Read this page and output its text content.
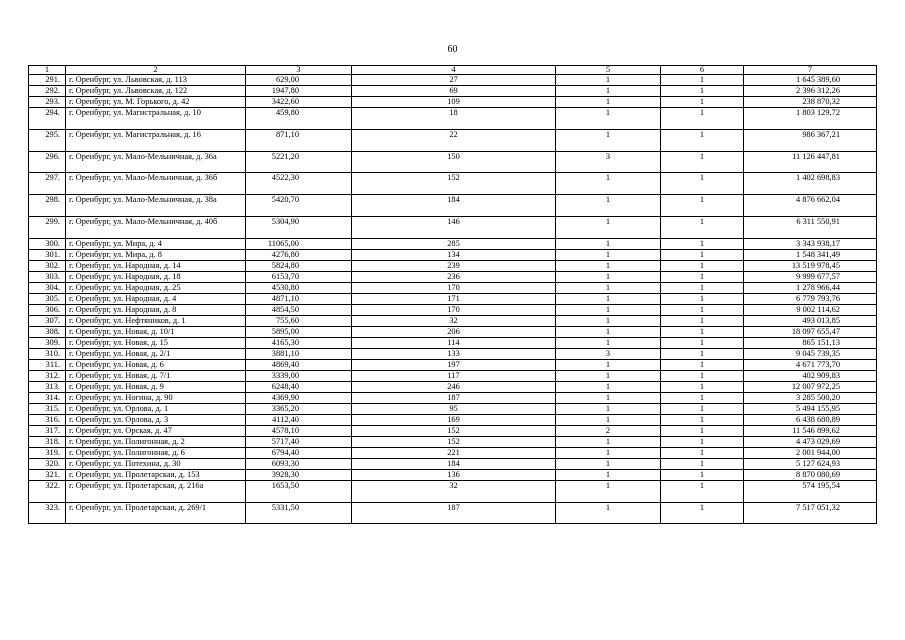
60
1	2	3	4	5	6	7
291.	г. Оренбург, ул. Львовская, д. 113	629,00	27	1	1	1 645 389,60
292.	г. Оренбург, ул. Львовская, д. 122	1947,80	69	1	1	2 396 312,26
293.	г. Оренбург, ул. М. Горького, д. 42	3422,60	109	1	1	238 870,32
294.	г. Оренбург, ул. Магистральная, д. 10	459,80	18	1	1	1 803 129,72
295.	г. Оренбург, ул. Магистральная, д. 16	871,10	22	1	1	986 367,21
296.	г. Оренбург, ул. Мало-Мельничная, д. 36а	5221,20	150	3	1	11 126 447,81
297.	г. Оренбург, ул. Мало-Мельничная, д. 36б	4522,30	152	1	1	1 402 698,83
298.	г. Оренбург, ул. Мало-Мельничная, д. 38а	5420,70	184	1	1	4 876 662,04
299.	г. Оренбург, ул. Мало-Мельничная, д. 40б	5304,90	146	1	1	6 311 550,91
300.	г. Оренбург, ул. Мира, д. 4	11065,00	285	1	1	3 343 938,17
301.	г. Оренбург, ул. Мира, д. 8	4276,80	134	1	1	1 548 341,49
302.	г. Оренбург, ул. Народная, д. 14	5824,80	239	1	1	13 519 978,45
303.	г. Оренбург, ул. Народная, д. 18	6153,70	236	1	1	9 999 677,57
304.	г. Оренбург, ул. Народная, д. 25	4530,80	170	1	1	1 278 966,44
305.	г. Оренбург, ул. Народная, д. 4	4871,10	171	1	1	6 779 793,76
306.	г. Оренбург, ул. Народная, д. 8	4854,50	170	1	1	9 002 114,62
307.	г. Оренбург, ул. Нефтяников, д. 1	755,60	32	1	1	493 013,85
308.	г. Оренбург, ул. Новая, д. 10/1	5895,00	206	1	1	18 097 655,47
309.	г. Оренбург, ул. Новая, д. 15	4165,30	114	1	1	865 151,13
310.	г. Оренбург, ул. Новая, д. 2/1	3881,10	133	3	1	9 045 739,35
311.	г. Оренбург, ул. Новая, д. 6	4869,40	197	1	1	4 671 773,70
312.	г. Оренбург, ул. Новая, д. 7/1	3339,00	117	1	1	402 909,83
313.	г. Оренбург, ул. Новая, д. 9	6248,40	246	1	1	12 007 972,25
314.	г. Оренбург, ул. Ногина, д. 90	4369,90	187	1	1	3 285 500,20
315.	г. Оренбург, ул. Орлова, д. 1	3365,20	95	1	1	5 494 155,95
316.	г. Оренбург, ул. Орлова, д. 3	4112,40	169	1	1	6 438 680,89
317.	г. Оренбург, ул. Орская, д. 47	4578,10	152	2	1	11 546 899,62
318.	г. Оренбург, ул. Полигонная, д. 2	5717,40	152	1	1	4 473 029,69
319.	г. Оренбург, ул. Полигонная, д. 6	6794,40	221	1	1	2 001 944,00
320.	г. Оренбург, ул. Потехина, д. 30	6093,30	184	1	1	5 127 624,93
321.	г. Оренбург, ул. Пролетарская, д. 153	3928,30	136	1	1	8 870 080,69
322.	г. Оренбург, ул. Пролетарская, д. 216а	1653,50	32	1	1	574 195,54
323.	г. Оренбург, ул. Пролетарская, д. 269/1	5331,50	187	1	1	7 517 051,32
